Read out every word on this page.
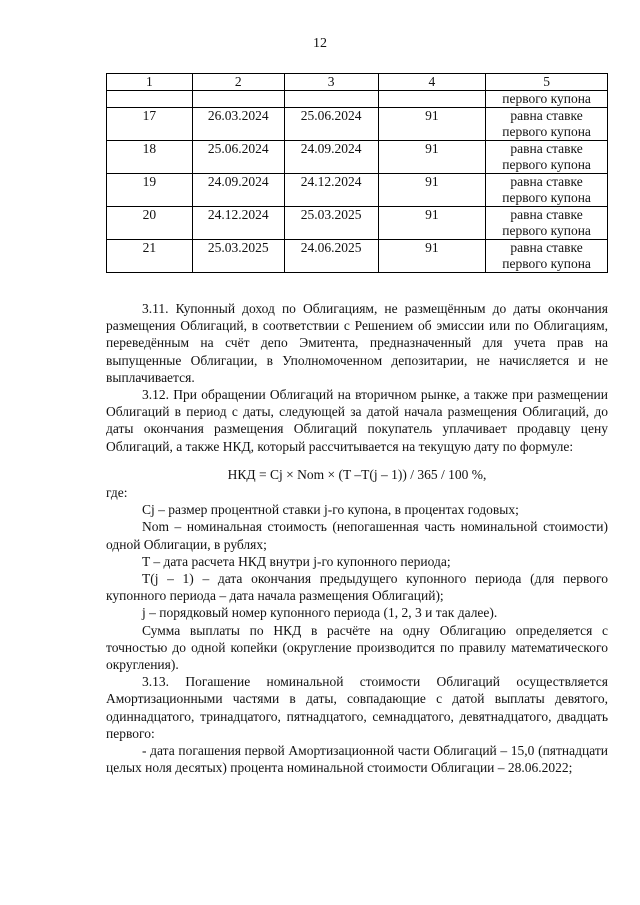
12
1	2	3	4	5
				первого купона
17	26.03.2024	25.06.2024	91	равна ставке
первого купона
18	25.06.2024	24.09.2024	91	равна ставке
первого купона
19	24.09.2024	24.12.2024	91	равна ставке
первого купона
20	24.12.2024	25.03.2025	91	равна ставке
первого купона
21	25.03.2025	24.06.2025	91	равна ставке
первого купона

3.11. Купонный доход по Облигациям, не размещённым до даты окончания размещения Облигаций, в соответствии с Решением об эмиссии или по Облигациям, переведённым на счёт депо Эмитента, предназначенный для учета прав на выпущенные Облигации, в Уполномоченном депозитарии, не начисляется и не выплачивается.

3.12. При обращении Облигаций на вторичном рынке, а также при размещении Облигаций в период с даты, следующей за датой начала размещения Облигаций, до даты окончания размещения Облигаций покупатель уплачивает продавцу цену Облигаций, а также НКД, который рассчитывается на текущую дату по формуле:

НКД = Cj × Nom × (T –T(j – 1)) / 365 / 100 %,

где:

Cj – размер процентной ставки j-го купона, в процентах годовых;

Nom – номинальная стоимость (непогашенная часть номинальной стоимости) одной Облигации, в рублях;

T – дата расчета НКД внутри j-го купонного периода;

T(j – 1) – дата окончания предыдущего купонного периода (для первого купонного периода – дата начала размещения Облигаций);

j – порядковый номер купонного периода (1, 2, 3 и так далее).

Сумма выплаты по НКД в расчёте на одну Облигацию определяется с точностью до одной копейки (округление производится по правилу математического округления).

3.13. Погашение номинальной стоимости Облигаций осуществляется Амортизационными частями в даты, совпадающие с датой выплаты девятого, одиннадцатого, тринадцатого, пятнадцатого, семнадцатого, девятнадцатого, двадцать первого:

- дата погашения первой Амортизационной части Облигаций – 15,0 (пятнадцати целых ноля десятых) процента номинальной стоимости Облигации – 28.06.2022;
